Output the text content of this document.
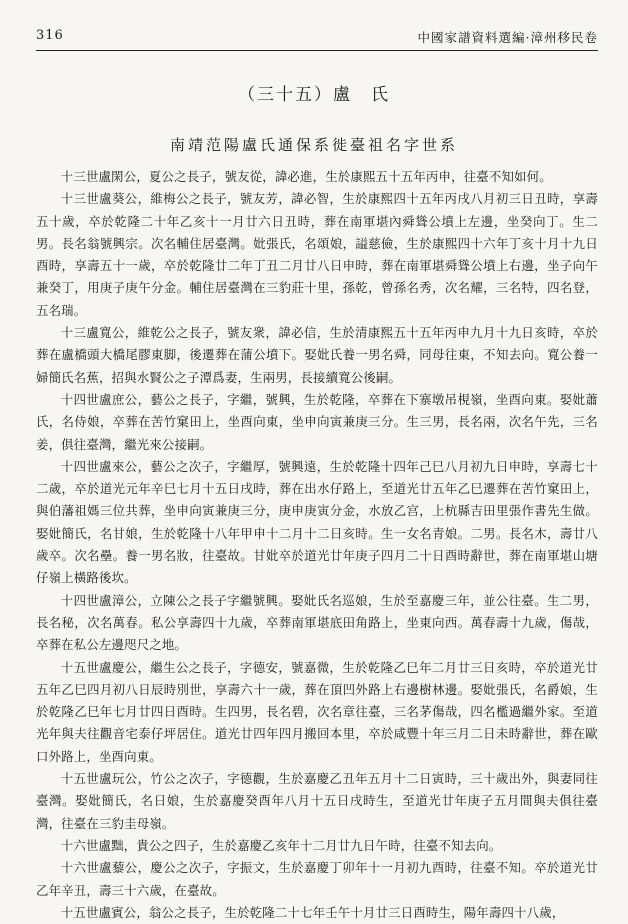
316	中國家譜資料選編·漳州移民卷
（三十五）盧　氏
南靖范陽盧氏通保系徙臺祖名字世系

十三世盧閑公，夏公之長子，號友從，諱必進，生於康熙五十五年丙申，往臺不知如何。

十三世盧葵公，維梅公之長子，號友芳，諱必智，生於康熙四十五年丙戌八月初三日丑時，享壽五十歲，卒於乾隆二十年乙亥十一月廿六日丑時，葬在南軍堪內舜聳公墳上左邊，坐癸向丁。生二男。長名翁號興宗。次名輔住居臺灣。妣張氏，名頌娘，謚慈儉，生於康熙四十六年丁亥十月十九日酉時，享壽五十一歲，卒於乾隆廿二年丁丑二月廿八日申時，葬在南軍堪舜聳公墳上右邊，坐子向午兼癸丁，用庚子庚午分金。輔住居臺灣在三豹莊十里，孫乾，曾孫名秀，次名耀，三名特，四名登，五名瑞。

十三盧寬公，維乾公之長子，號友衆，諱必信，生於清康熙五十五年丙申九月十九日亥時，卒於葬在盧橋頭大橋尾膠東脚，後遷葬在蒲公墳下。娶妣氏養一男名舜，同母往東，不知去向。寬公養一婦簡氏名蕉，招與水賢公之子潭爲妻，生兩男，長接續寬公後嗣。

十四世盧庶公，藝公之長子，字繼，號興，生於乾隆，卒葬在下寨墩吊梘嶺，坐酉向東。娶妣蕭氏，名侍娘，卒葬在苦竹窠田上，坐酉向東，坐申向寅兼庚三分。生三男，長名兩，次名午先，三名姜，俱往臺灣，繼光來公接嗣。

十四世盧來公，藝公之次子，字繼厚，號興遠，生於乾隆十四年己巳八月初九日申時，享壽七十二歲，卒於道光元年辛巳七月十五日戌時，葬在出水仔路上，至道光廿五年乙巳遷葬在苦竹窠田上，與伯藩祖媽三位共葬，坐申向寅兼庚三分，庚申庚寅分金，水放乙宫，上杭縣吉田里張作書先生做。娶妣簡氏，名甘娘，生於乾隆十八年甲申十二月十二日亥時。生一女名青娘。二男。長名木，壽廿八歲卒。次名壘。養一男名妝，往臺故。甘妣卒於道光廿年庚子四月二十日酉時辭世，葬在南軍堪山塘仔嶺上橫路後坎。

十四世盧漳公，立陳公之長子字繼號興。娶妣氏名巡娘，生於至嘉慶三年，並公往臺。生二男，長名秘，次名萬春。私公享壽四十九歲，卒葬南軍堪底田角路上，坐東向西。萬春壽十九歲，傷哉，卒葬在私公左邊咫尺之地。

十五世盧慶公，繼生公之長子，字德安，號嘉微，生於乾隆乙巳年二月廿三日亥時，卒於道光廿五年乙巳四月初八日辰時別世，享壽六十一歲，葬在頂凹外路上右邊樹林邊。娶妣張氏，名爵娘，生於乾隆乙巳年七月廿四日酉時。生四男，長名碧，次名章往臺，三名茅傷哉，四名檻過繼外家。至道光年與夫往觀音宅泰仔坪居住。道光廿四年四月搬回本里，卒於咸豐十年三月二日未時辭世，葬在歐口外路上，坐酉向東。

十五世盧玩公，竹公之次子，字德觀，生於嘉慶乙丑年五月十二日寅時，三十歲出外，與妻同往臺灣。娶妣簡氏，名日娘，生於嘉慶癸酉年八月十五日戌時生，至道光廿年庚子五月間與夫俱往臺灣，往臺在三豹圭母嶺。

十六世盧黜，貴公之四子，生於嘉慶乙亥年十二月廿九日午時，往臺不知去向。

十六世盧藜公，慶公之次子，字振文，生於嘉慶丁卯年十一月初九酉時，往臺不知。卒於道光廿乙年辛丑，壽三十六歲，在臺故。

十五世盧賓公，翁公之長子，生於乾隆二十七年壬午十月廿三日酉時生，陽年壽四十八歲，
